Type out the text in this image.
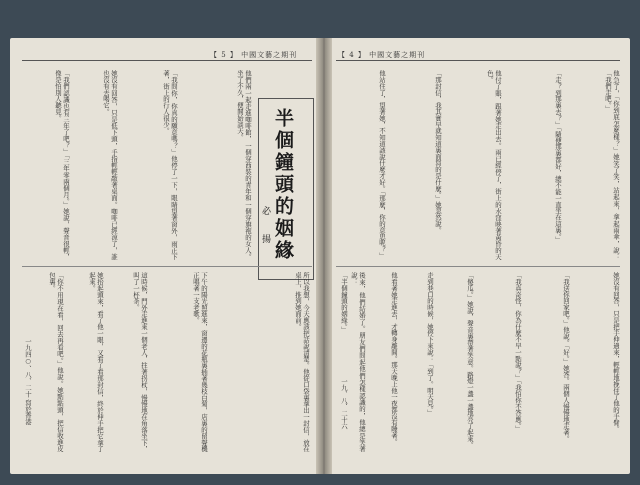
【 5 】 中國文藝之期刊
半個鐘頭的姻緣
必 揚
他們兩一起走進咖啡館，一個穿西裝的青年和一個穿旗袍的女人。坐了不久，便開始談天。
「我問你，你真的願意嗎？」他停了一下，眼睛望著窗外，雨正下著，街上的行人很少。
她沒有回答，只是低下頭，手指輕輕敲著桌面。咖啡已經涼了，誰也沒有去喝它。
「我們認識也有三年了吧？」「三年零兩個月。」她說，聲音很輕，像是怕別人聽見。
所以我想，今天應該把話說清楚。他從口袋裏拿出一封信，放在桌上，推到她面前。
下午的陽光照進來，窗邊的花瓶裏插著幾枝白菊，店裏的留聲機正唱著一支老歌。
這時候，門外走進來一個老人，拄著拐杖，慢慢地在角落坐下，叫了一杯茶。
她抬起頭來，看了他一眼，又看了看那封信，終於伸手把它拿了起來。
「你不用現在看，回去再看吧。」他說。她點點頭，把信收進皮包裏。
一九四○、八、二十 寫於香港
【 4 】 中國文藝之期刊
他急了，「你到底怎麼樣？」她笑了笑，站起來，拿起雨傘，說：「我們走吧。」
「走？到那裏去？」「隨便那裏都好，總不能一直坐在這裏。」
他付了賬，跟著她走出去。雨已經停了，街上的水窪映著黃昏的天色。
「那封信，我其實早就知道裏面寫的是什麼。」她忽然說。
他站住了，望著她，不知道該說什麼才好。「那麼，你的意思呢？」
她沒有回答，只是把手伸過來，輕輕地挽住了他的手臂。
「我送你回家吧。」他說。「好。」她答。兩個人慢慢地走著。
「我真奇怪，你為什麼不早一點說？」「我怕你不答應。」
「傻瓜。」她說，聲音裏帶著笑意。路燈一盞一盞地亮了起來。
走到巷口的時候，她停下來說：「到了。明天見。」
他看著她走進去，才轉身離開。那天晚上他一夜都沒有睡著。
後來，他們結婚了。朋友們問起他們怎樣認識的，他總是笑著說：
「半個鐘頭的姻緣。」
一九、八、二十六
